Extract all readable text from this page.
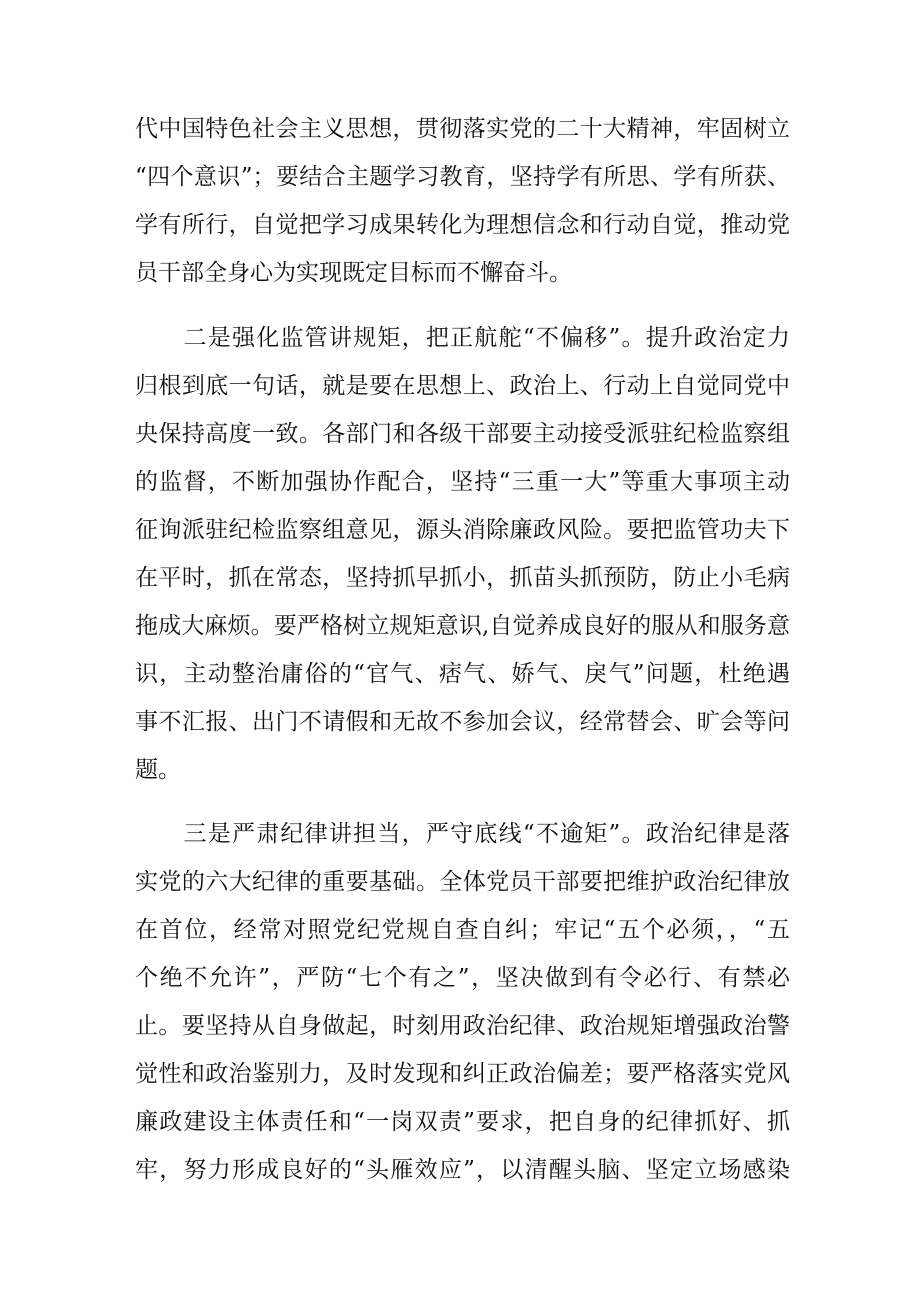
代中国特色社会主义思想，贯彻落实党的二十大精神，牢固树立
“四个意识”；要结合主题学习教育，坚持学有所思、学有所获、
学有所行，自觉把学习成果转化为理想信念和行动自觉，推动党
员干部全身心为实现既定目标而不懈奋斗。
　　二是强化监管讲规矩，把正航舵“不偏移”。提升政治定力
归根到底一句话，就是要在思想上、政治上、行动上自觉同党中
央保持高度一致。各部门和各级干部要主动接受派驻纪检监察组
的监督，不断加强协作配合，坚持“三重一大”等重大事项主动
征询派驻纪检监察组意见，源头消除廉政风险。要把监管功夫下
在平时，抓在常态，坚持抓早抓小，抓苗头抓预防，防止小毛病
拖成大麻烦。要严格树立规矩意识,自觉养成良好的服从和服务意
识，主动整治庸俗的“官气、痞气、娇气、戾气”问题，杜绝遇
事不汇报、出门不请假和无故不参加会议，经常替会、旷会等问
题。
　　三是严肃纪律讲担当，严守底线“不逾矩”。政治纪律是落
实党的六大纪律的重要基础。全体党员干部要把维护政治纪律放
在首位，经常对照党纪党规自查自纠；牢记“五个必须，，“五
个绝不允许”，严防“七个有之”，坚决做到有令必行、有禁必
止。要坚持从自身做起，时刻用政治纪律、政治规矩增强政治警
觉性和政治鉴别力，及时发现和纠正政治偏差；要严格落实党风
廉政建设主体责任和“一岗双责”要求，把自身的纪律抓好、抓
牢，努力形成良好的“头雁效应”，以清醒头脑、坚定立场感染
